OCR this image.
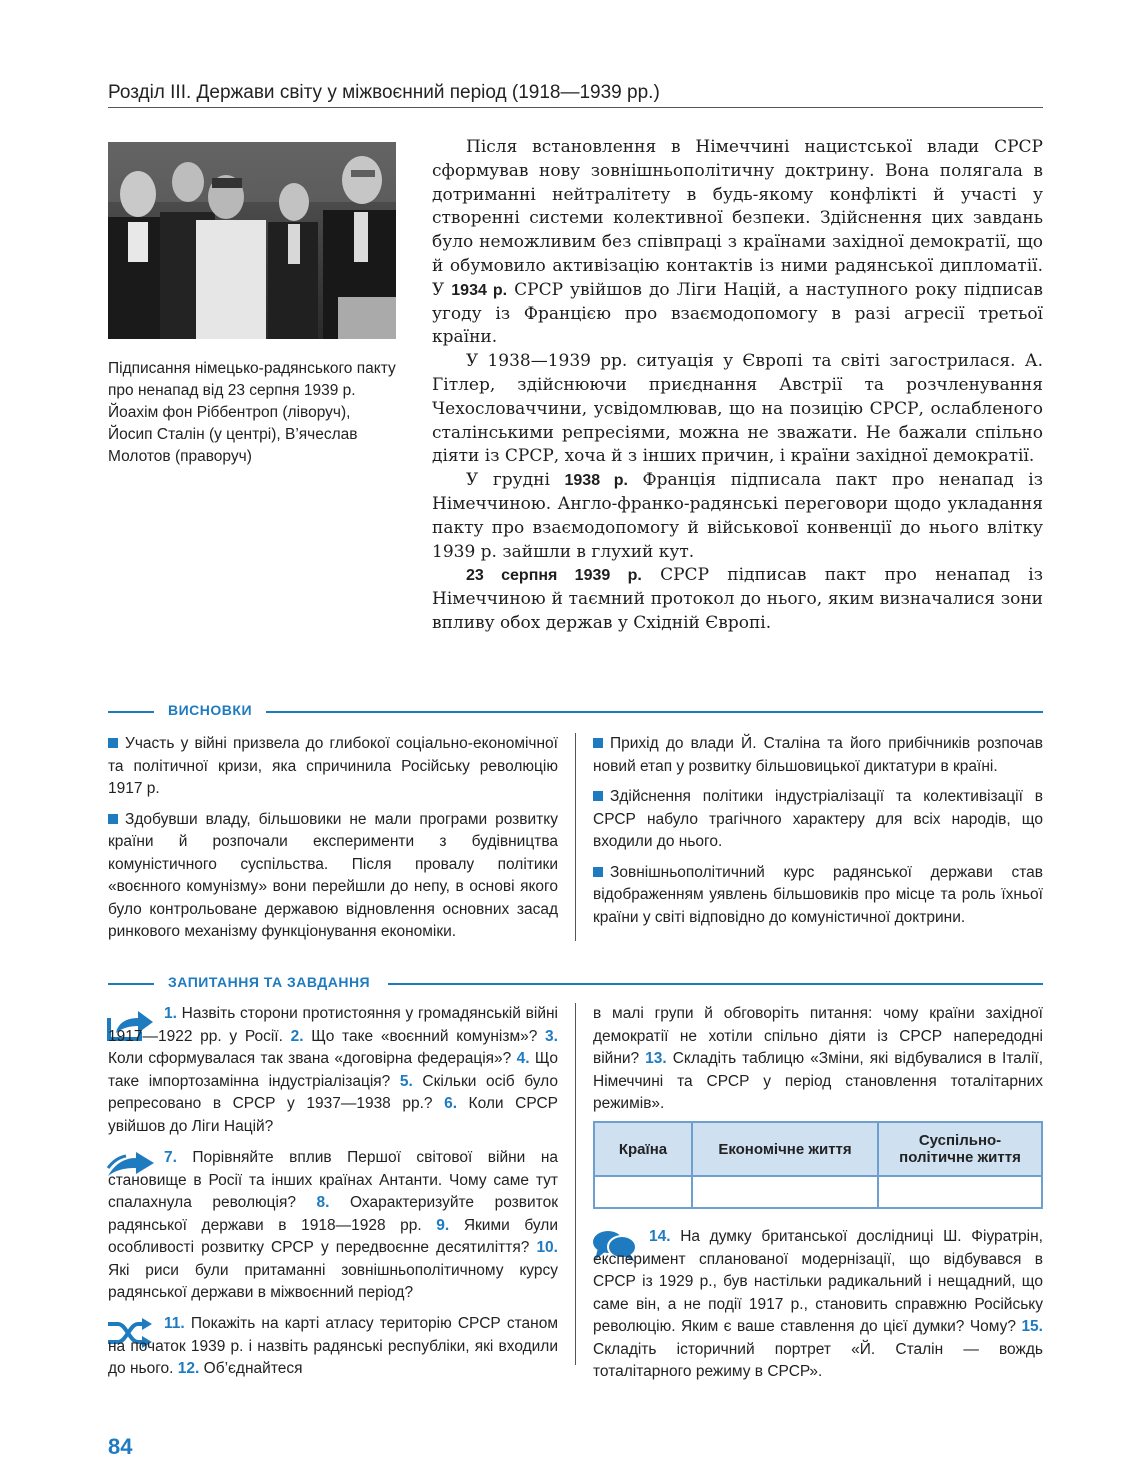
Розділ III. Держави світу у міжвоєнний період (1918—1939 рр.)
Підписання німецько-радянського пакту про ненапад від 23 серпня 1939 р. Йоахім фон Ріббентроп (ліворуч), Йосип Сталін (у центрі), В’ячеслав Молотов (праворуч)

Після встановлення в Німеччині нацистської влади СРСР сформував нову зовнішньополітичну доктрину. Вона полягала в дотриманні нейтралітету в будь-якому конфлікті й участі у створенні системи колективної безпеки. Здійснення цих завдань було неможливим без співпраці з країнами західної демократії, що й обумовило активізацію контактів із ними радянської дипломатії. У 1934 р. СРСР увійшов до Ліги Націй, а наступного року підписав угоду із Францією про взаємодопомогу в разі агресії третьої країни.

У 1938—1939 рр. ситуація у Європі та світі загострилася. А. Гітлер, здійснюючи приєднання Австрії та розчленування Чехословаччини, усвідомлював, що на позицію СРСР, ослабленого сталінськими репресіями, можна не зважати. Не бажали спільно діяти із СРСР, хоча й з інших причин, і країни західної демократії.

У грудні 1938 р. Франція підписала пакт про ненапад із Німеччиною. Англо-франко-радянські переговори щодо укладання пакту про взаємодопомогу й військової конвенції до нього влітку 1939 р. зайшли в глухий кут.

23 серпня 1939 р. СРСР підписав пакт про ненапад із Німеччиною й таємний протокол до нього, яким визначалися зони впливу обох держав у Східній Європі.

ВИСНОВКИ

Участь у війні призвела до глибокої соціально-економічної та політичної кризи, яка спричинила Російську революцію 1917 р.

Здобувши владу, більшовики не мали програми розвитку країни й розпочали експерименти з будівництва комуністичного суспільства. Після провалу політики «воєнного комунізму» вони перейшли до непу, в основі якого було контрольоване державою відновлення основних засад ринкового механізму функціонування економіки.

Прихід до влади Й. Сталіна та його прибічників розпочав новий етап у розвитку більшовицької диктатури в країні.

Здійснення політики індустріалізації та колективізації в СРСР набуло трагічного характеру для всіх народів, що входили до нього.

Зовнішньополітичний курс радянської держави став відображенням уявлень більшовиків про місце та роль їхньої країни у світі відповідно до комуністичної доктрини.

ЗАПИТАННЯ ТА ЗАВДАННЯ

1. Назвіть сторони протистояння у громадянській війні 1917—1922 рр. у Росії. 2. Що таке «воєнний комунізм»? 3. Коли сформувалася так звана «договірна федерація»? 4. Що таке імпортозамінна індустріалізація? 5. Скільки осіб було репресовано в СРСР у 1937—1938 рр.? 6. Коли СРСР увійшов до Ліги Націй?

7. Порівняйте вплив Першої світової війни на становище в Росії та інших країнах Антанти. Чому саме тут спалахнула революція? 8. Охарактеризуйте розвиток радянської держави в 1918—1928 рр. 9. Якими були особливості розвитку СРСР у передвоєнне десятиліття? 10. Які риси були притаманні зовнішньополітичному курсу радянської держави в міжвоєнний період?

11. Покажіть на карті атласу територію СРСР станом на початок 1939 р. і назвіть радянські республіки, які входили до нього. 12. Об’єднайтеся

в малі групи й обговоріть питання: чому країни західної демократії не хотіли спільно діяти із СРСР напередодні війни? 13. Складіть таблицю «Зміни, які відбувалися в Італії, Німеччині та СРСР у період становлення тоталітарних режимів».

Країна	Економічне життя	Суспільно-політичне життя

14. На думку британської дослідниці Ш. Фіуратрін, експеримент спланованої модернізації, що відбувався в СРСР із 1929 р., був настільки радикальний і нещадний, що саме він, а не події 1917 р., становить справжню Російську революцію. Яким є ваше ставлення до цієї думки? Чому? 15. Складіть історичний портрет «Й. Сталін — вождь тоталітарного режиму в СРСР».

84
